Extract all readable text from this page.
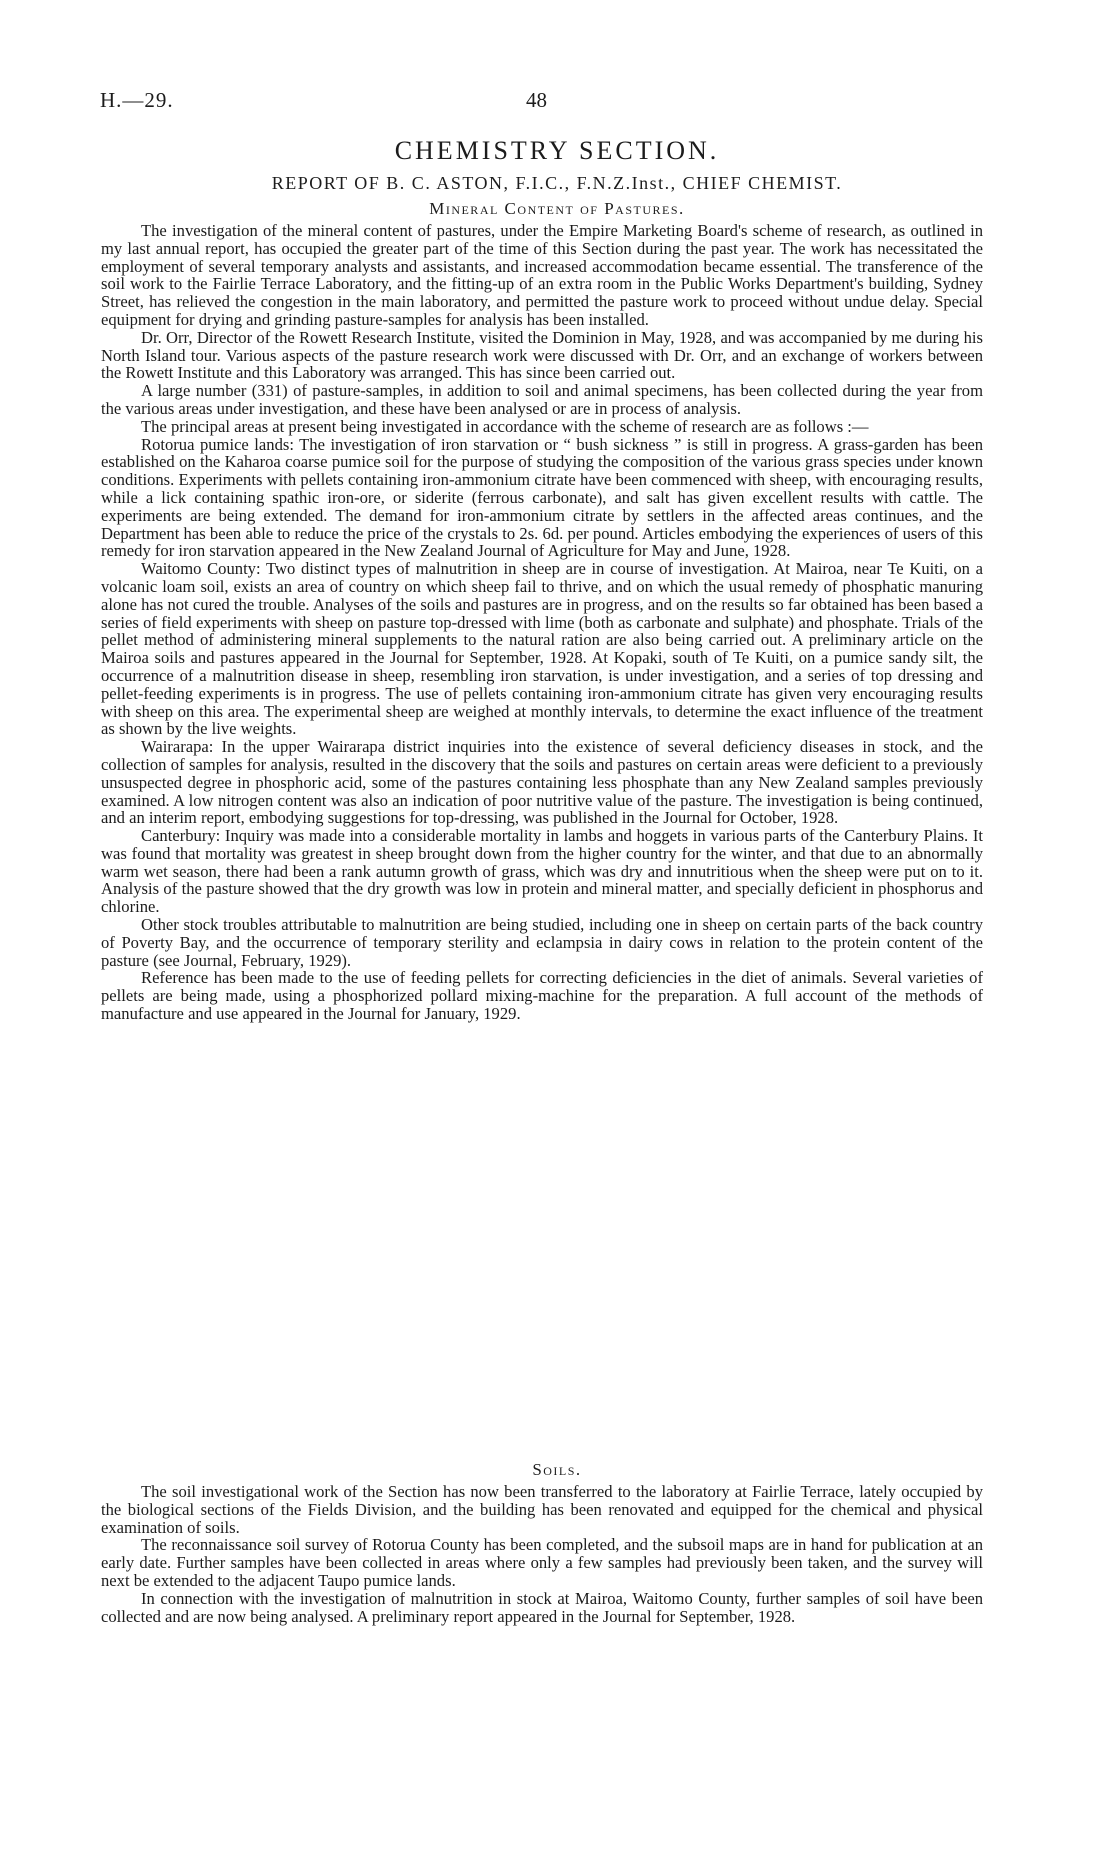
H.—29.	48
CHEMISTRY SECTION.
REPORT OF B. C. ASTON, F.I.C., F.N.Z.Inst., CHIEF CHEMIST.
Mineral Content of Pastures.

The investigation of the mineral content of pastures, under the Empire Marketing Board's scheme of research, as outlined in my last annual report, has occupied the greater part of the time of this Section during the past year. The work has necessitated the employment of several temporary analysts and assistants, and increased accommodation became essential. The transference of the soil work to the Fairlie Terrace Laboratory, and the fitting-up of an extra room in the Public Works Department's building, Sydney Street, has relieved the congestion in the main laboratory, and permitted the pasture work to proceed without undue delay. Special equipment for drying and grinding pasture-samples for analysis has been installed.

Dr. Orr, Director of the Rowett Research Institute, visited the Dominion in May, 1928, and was accompanied by me during his North Island tour. Various aspects of the pasture research work were discussed with Dr. Orr, and an exchange of workers between the Rowett Institute and this Laboratory was arranged. This has since been carried out.

A large number (331) of pasture-samples, in addition to soil and animal specimens, has been collected during the year from the various areas under investigation, and these have been analysed or are in process of analysis.

The principal areas at present being investigated in accordance with the scheme of research are as follows :—

Rotorua pumice lands: The investigation of iron starvation or “ bush sickness ” is still in progress. A grass-garden has been established on the Kaharoa coarse pumice soil for the purpose of studying the composition of the various grass species under known conditions. Experiments with pellets containing iron-ammonium citrate have been commenced with sheep, with encouraging results, while a lick containing spathic iron-ore, or siderite (ferrous carbonate), and salt has given excellent results with cattle. The experiments are being extended. The demand for iron-ammonium citrate by settlers in the affected areas continues, and the Department has been able to reduce the price of the crystals to 2s. 6d. per pound. Articles embodying the experiences of users of this remedy for iron starvation appeared in the New Zealand Journal of Agriculture for May and June, 1928.

Waitomo County: Two distinct types of malnutrition in sheep are in course of investigation. At Mairoa, near Te Kuiti, on a volcanic loam soil, exists an area of country on which sheep fail to thrive, and on which the usual remedy of phosphatic manuring alone has not cured the trouble. Analyses of the soils and pastures are in progress, and on the results so far obtained has been based a series of field experiments with sheep on pasture top-dressed with lime (both as carbonate and sulphate) and phosphate. Trials of the pellet method of administering mineral supplements to the natural ration are also being carried out. A preliminary article on the Mairoa soils and pastures appeared in the Journal for September, 1928. At Kopaki, south of Te Kuiti, on a pumice sandy silt, the occurrence of a malnutrition disease in sheep, resembling iron starvation, is under investigation, and a series of top dressing and pellet-feeding experiments is in progress. The use of pellets containing iron-ammonium citrate has given very encouraging results with sheep on this area. The experimental sheep are weighed at monthly intervals, to determine the exact influence of the treatment as shown by the live weights.

Wairarapa: In the upper Wairarapa district inquiries into the existence of several deficiency diseases in stock, and the collection of samples for analysis, resulted in the discovery that the soils and pastures on certain areas were deficient to a previously unsuspected degree in phosphoric acid, some of the pastures containing less phosphate than any New Zealand samples previously examined. A low nitrogen content was also an indication of poor nutritive value of the pasture. The investigation is being continued, and an interim report, embodying suggestions for top-dressing, was published in the Journal for October, 1928.

Canterbury: Inquiry was made into a considerable mortality in lambs and hoggets in various parts of the Canterbury Plains. It was found that mortality was greatest in sheep brought down from the higher country for the winter, and that due to an abnormally warm wet season, there had been a rank autumn growth of grass, which was dry and innutritious when the sheep were put on to it. Analysis of the pasture showed that the dry growth was low in protein and mineral matter, and specially deficient in phosphorus and chlorine.

Other stock troubles attributable to malnutrition are being studied, including one in sheep on certain parts of the back country of Poverty Bay, and the occurrence of temporary sterility and eclampsia in dairy cows in relation to the protein content of the pasture (see Journal, February, 1929).

Reference has been made to the use of feeding pellets for correcting deficiencies in the diet of animals. Several varieties of pellets are being made, using a phosphorized pollard mixing-machine for the preparation. A full account of the methods of manufacture and use appeared in the Journal for January, 1929.

Soils.

The soil investigational work of the Section has now been transferred to the laboratory at Fairlie Terrace, lately occupied by the biological sections of the Fields Division, and the building has been renovated and equipped for the chemical and physical examination of soils.

The reconnaissance soil survey of Rotorua County has been completed, and the subsoil maps are in hand for publication at an early date. Further samples have been collected in areas where only a few samples had previously been taken, and the survey will next be extended to the adjacent Taupo pumice lands.

In connection with the investigation of malnutrition in stock at Mairoa, Waitomo County, further samples of soil have been collected and are now being analysed. A preliminary report appeared in the Journal for September, 1928.
